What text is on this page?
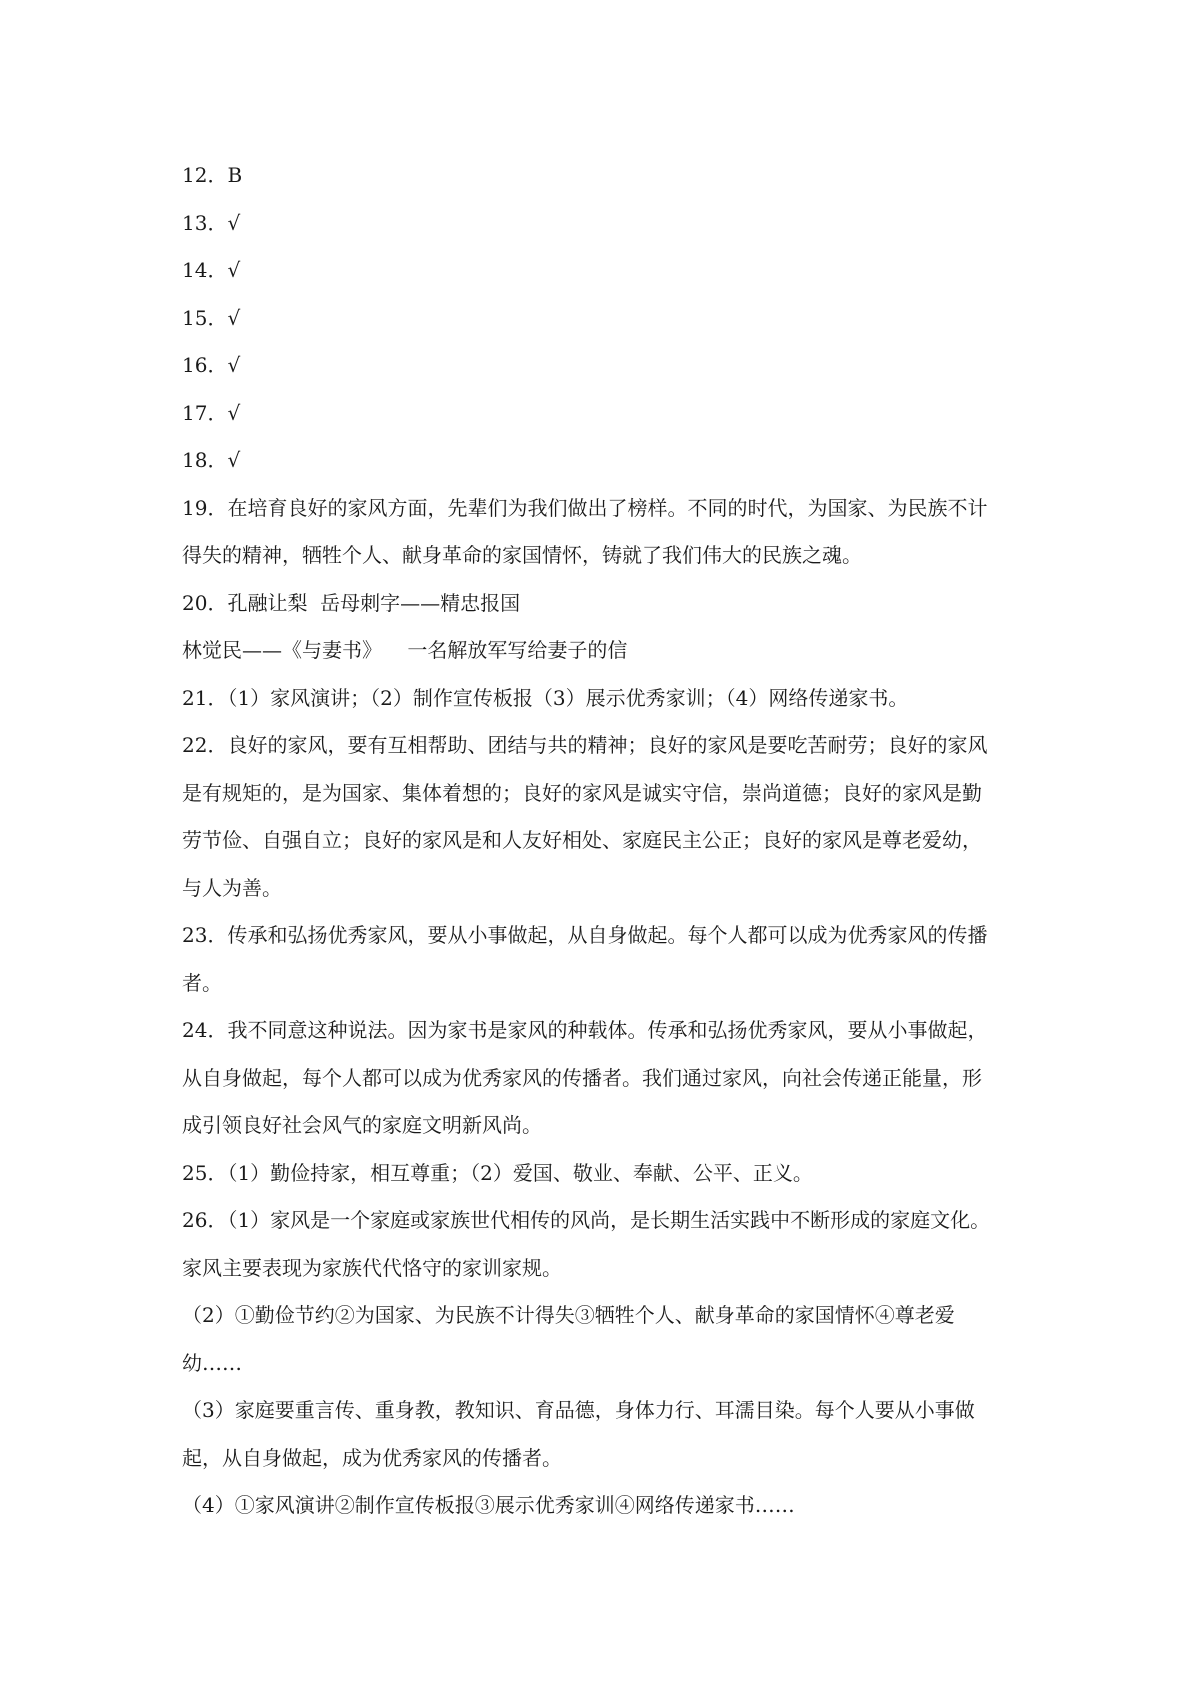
12．B

13．√

14．√

15．√

16．√

17．√

18．√

19．在培育良好的家风方面，先辈们为我们做出了榜样。不同的时代，为国家、为民族不计

得失的精神，牺牲个人、献身革命的家国情怀，铸就了我们伟大的民族之魂。

20．孔融让梨  岳母刺字——精忠报国

林觉民——《与妻书》    一名解放军写给妻子的信

21．（1）家风演讲；（2）制作宣传板报（3）展示优秀家训；（4）网络传递家书。

22．良好的家风，要有互相帮助、团结与共的精神；良好的家风是要吃苦耐劳；良好的家风

是有规矩的，是为国家、集体着想的；良好的家风是诚实守信，崇尚道德；良好的家风是勤

劳节俭、自强自立；良好的家风是和人友好相处、家庭民主公正；良好的家风是尊老爱幼，

与人为善。

23．传承和弘扬优秀家风，要从小事做起，从自身做起。每个人都可以成为优秀家风的传播

者。

24．我不同意这种说法。因为家书是家风的种载体。传承和弘扬优秀家风，要从小事做起，

从自身做起，每个人都可以成为优秀家风的传播者。我们通过家风，向社会传递正能量，形

成引领良好社会风气的家庭文明新风尚。

25．（1）勤俭持家，相互尊重；（2）爱国、敬业、奉献、公平、正义。

26．（1）家风是一个家庭或家族世代相传的风尚，是长期生活实践中不断形成的家庭文化。

家风主要表现为家族代代恪守的家训家规。

（2）①勤俭节约②为国家、为民族不计得失③牺牲个人、献身革命的家国情怀④尊老爱

幼……

（3）家庭要重言传、重身教，教知识、育品德，身体力行、耳濡目染。每个人要从小事做

起，从自身做起，成为优秀家风的传播者。

（4）①家风演讲②制作宣传板报③展示优秀家训④网络传递家书……
